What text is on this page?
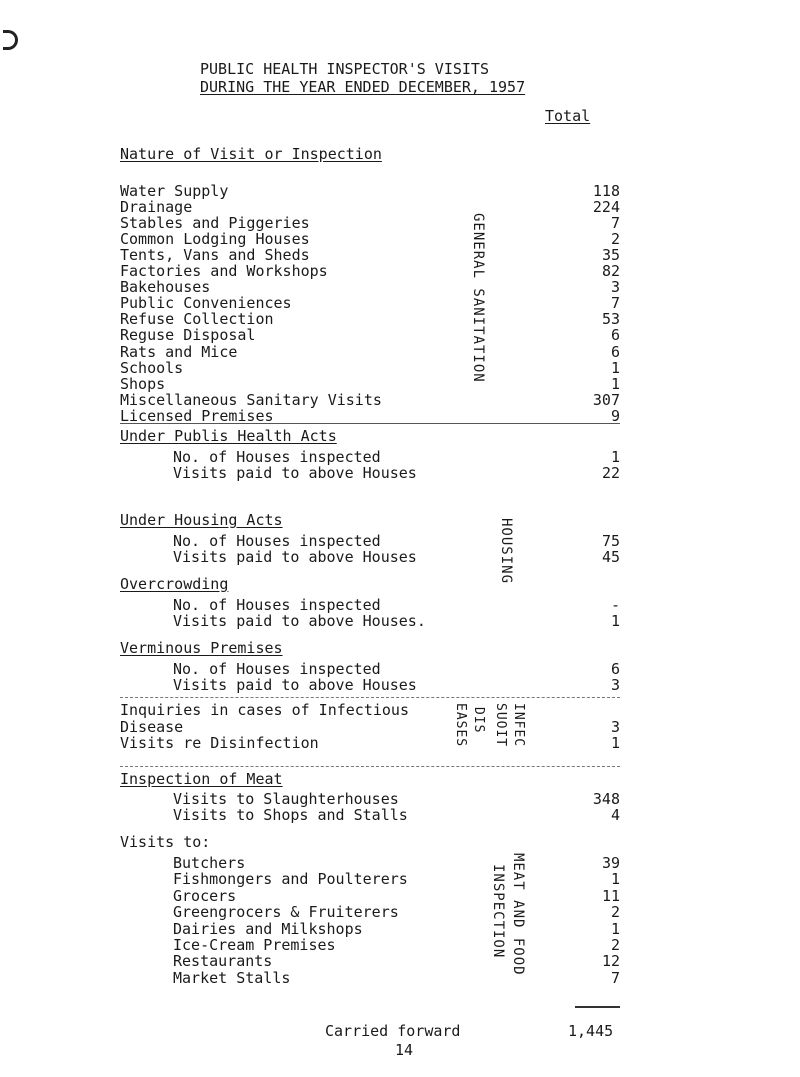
PUBLIC HEALTH INSPECTOR'S VISITS
DURING THE YEAR ENDED DECEMBER, 1957
Total
Nature of Visit or Inspection
Water Supply	118
Drainage	224
Stables and Piggeries	7
Common Lodging Houses	2
Tents, Vans and Sheds	35
Factories and Workshops	82
Bakehouses	3
Public Conveniences	7
Refuse Collection	53
Reguse Disposal	6
Rats and Mice	6
Schools	1
Shops	1
Miscellaneous Sanitary Visits	307
Licensed Premises	9
GENERAL SANITATION
Under Publis Health Acts
No. of Houses inspected	1
Visits paid to above Houses	22
Under Housing Acts
No. of Houses inspected	75
Visits paid to above Houses	45
Overcrowding
No. of Houses inspected	-
Visits paid to above Houses.	1
Verminous Premises
No. of Houses inspected	6
Visits paid to above Houses	3
HOUSING
Inquiries in cases of Infectious
Disease	3
Visits re Disinfection	1
EASES DIS SUOIT INFEC
Inspection of Meat
Visits to Slaughterhouses	348
Visits to Shops and Stalls	4
Visits to:
Butchers	39
Fishmongers and Poulterers	1
Grocers	11
Greengrocers & Fruiterers	2
Dairies and Milkshops	1
Ice-Cream Premises	2
Restaurants	12
Market Stalls	7
MEAT AND FOOD
INSPECTION
Carried forward	1,445
14
